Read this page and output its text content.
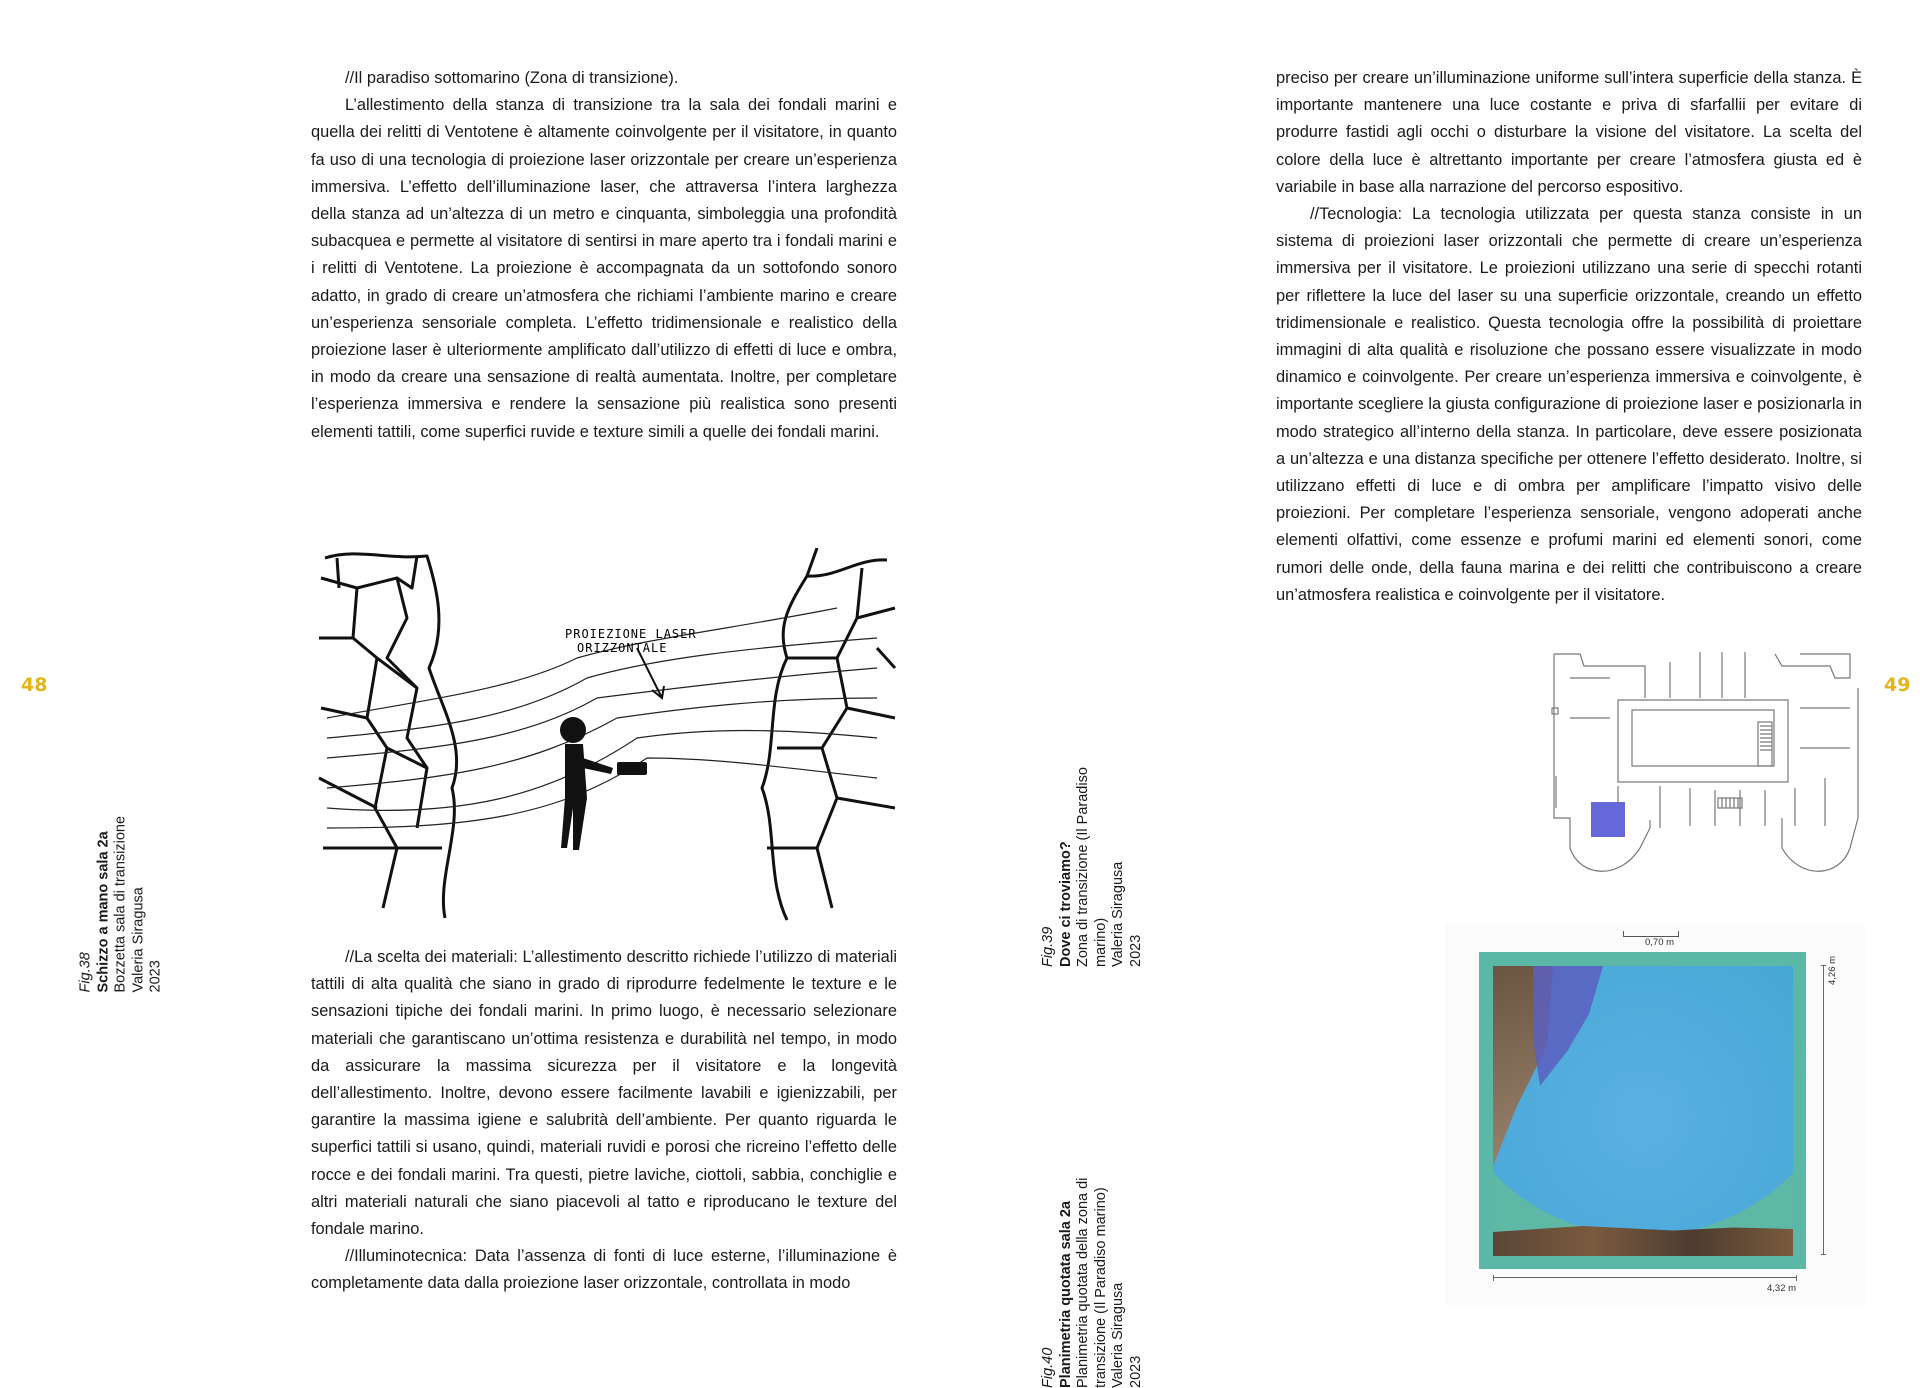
48

//Il paradiso sottomarino (Zona di transizione).

L’allestimento della stanza di transizione tra la sala dei fondali marini e quella dei relitti di Ventotene è altamente coinvolgente per il visitatore, in quanto fa uso di una tecnologia di proiezione laser orizzontale per creare un’esperienza immersiva. L’effetto dell’illuminazione laser, che attraversa l’intera larghezza della stanza ad un’altezza di un metro e cinquanta, simboleggia una profondità subacquea e permette al visitatore di sentirsi in mare aperto tra i fondali marini e i relitti di Ventotene. La proiezione è accompagnata da un sottofondo sonoro adatto, in grado di creare un’atmosfera che richiami l’ambiente marino e creare un’esperienza sensoriale completa. L’effetto tridimensionale e realistico della proiezione laser è ulteriormente amplificato dall’utilizzo di effetti di luce e ombra, in modo da creare una sensazione di realtà aumentata. Inoltre, per completare l’esperienza immersiva e rendere la sensazione più realistica sono presenti elementi tattili, come superfici ruvide e texture simili a quelle dei fondali marini.

PROIEZIONE LASER
ORIZZONTALE

//La scelta dei materiali: L’allestimento descritto richiede l’utilizzo di materiali tattili di alta qualità che siano in grado di riprodurre fedelmente le texture e le sensazioni tipiche dei fondali marini. In primo luogo, è necessario selezionare materiali che garantiscano un’ottima resistenza e durabilità nel tempo, in modo da assicurare la massima sicurezza per il visitatore e la longevità dell’allestimento. Inoltre, devono essere facilmente lavabili e igienizzabili, per garantire la massima igiene e salubrità dell’ambiente. Per quanto riguarda le superfici tattili si usano, quindi, materiali ruvidi e porosi che ricreino l’effetto delle rocce e dei fondali marini. Tra questi, pietre laviche, ciottoli, sabbia, conchiglie e altri materiali naturali che siano piacevoli al tatto e riproducano le texture del fondale marino.

//Illuminotecnica: Data l’assenza di fonti di luce esterne, l’illuminazione è completamente data dalla proiezione laser orizzontale, controllata in modo

Fig.38 Schizzo a mano sala 2a Bozzetta sala di transizione Valeria Siragusa 2023
49

preciso per creare un’illuminazione uniforme sull’intera superficie della stanza. È importante mantenere una luce costante e priva di sfarfallii per evitare di produrre fastidi agli occhi o disturbare la visione del visitatore. La scelta del colore della luce è altrettanto importante per creare l’atmosfera giusta ed è variabile in base alla narrazione del percorso espositivo.

//Tecnologia: La tecnologia utilizzata per questa stanza consiste in un sistema di proiezioni laser orizzontali che permette di creare un’esperienza immersiva per il visitatore. Le proiezioni utilizzano una serie di specchi rotanti per riflettere la luce del laser su una superficie orizzontale, creando un effetto tridimensionale e realistico. Questa tecnologia offre la possibilità di proiettare immagini di alta qualità e risoluzione che possano essere visualizzate in modo dinamico e coinvolgente. Per creare un’esperienza immersiva e coinvolgente, è importante scegliere la giusta configurazione di proiezione laser e posizionarla in modo strategico all’interno della stanza. In particolare, deve essere posizionata a un’altezza e una distanza specifiche per ottenere l’effetto desiderato. Inoltre, si utilizzano effetti di luce e di ombra per amplificare l’impatto visivo delle proiezioni. Per completare l’esperienza sensoriale, vengono adoperati anche elementi olfattivi, come essenze e profumi marini ed elementi sonori, come rumori delle onde, della fauna marina e dei relitti che contribuiscono a creare un’atmosfera realistica e coinvolgente per il visitatore.

Fig.39 Dove ci troviamo? Zona di transizione (Il Paradiso marino) Valeria Siragusa 2023
Fig.40 Planimetria quotata sala 2a Planimetria quotata della zona di transizione (Il Paradiso marino) Valeria Siragusa 2023
0,70 m
4,26 m
4,32 m
